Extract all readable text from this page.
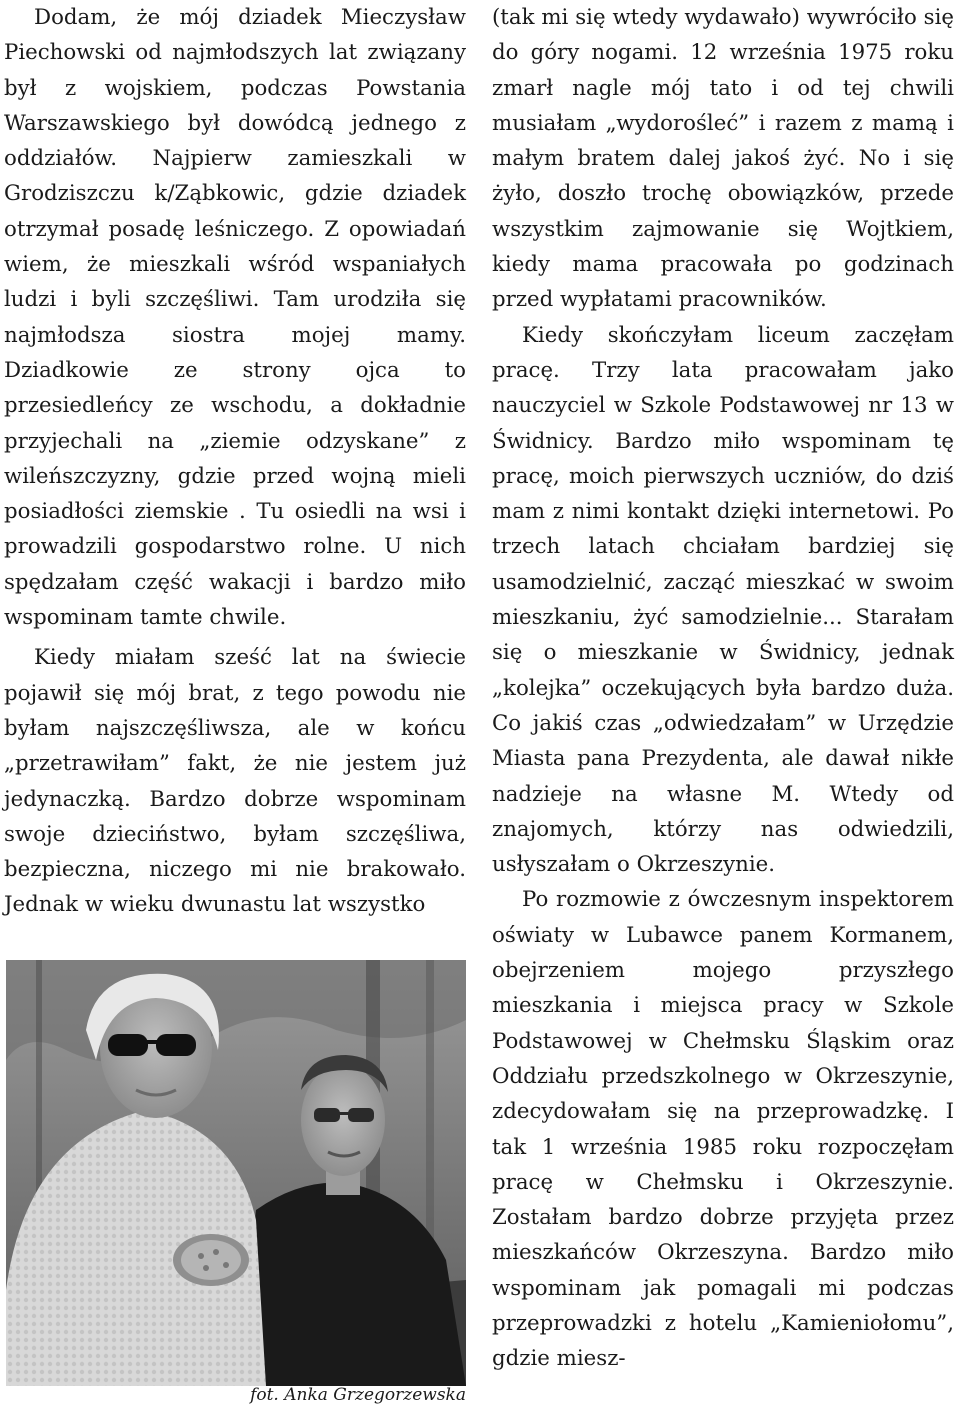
Dodam, że mój dziadek Mieczysław Piechowski od najmłodszych lat związany był z wojskiem, podczas Powstania Warszawskiego był dowódcą jednego z oddziałów. Najpierw zamieszkali w Grodziszczu k/Ząbkowic, gdzie dziadek otrzymał posadę leśniczego. Z opowiadań wiem, że mieszkali wśród wspaniałych ludzi i byli szczęśliwi. Tam urodziła się najmłodsza siostra mojej mamy. Dziadkowie ze strony ojca to przesiedleńcy ze wschodu, a dokładnie przyjechali na „ziemie odzyskane” z wileńszczyzny, gdzie przed wojną mieli posiadłości ziemskie . Tu osiedli na wsi i prowadzili gospodarstwo rolne. U nich spędzałam część wakacji i bardzo miło wspominam tamte chwile.

Kiedy miałam sześć lat na świecie pojawił się mój brat, z tego powodu nie byłam najszczęśliwsza, ale w końcu „przetrawiłam” fakt, że nie jestem już jedynaczką. Bardzo dobrze wspominam swoje dzieciństwo, byłam szczęśliwa, bezpieczna, niczego mi nie brakowało. Jednak w wieku dwunastu lat wszystko

fot. Anka Grzegorzewska

(tak mi się wtedy wydawało) wywróciło się do góry nogami. 12 września 1975 roku zmarł nagle mój tato i od tej chwili musiałam „wydorośleć” i razem z mamą i małym bratem dalej jakoś żyć. No i się żyło, doszło trochę obowiązków, przede wszystkim zajmowanie się Wojtkiem, kiedy mama pracowała po godzinach przed wypłatami pracowników.

Kiedy skończyłam liceum zaczęłam pracę. Trzy lata pracowałam jako nauczyciel w Szkole Podstawowej nr 13 w Świdnicy. Bardzo miło wspominam tę pracę, moich pierwszych uczniów, do dziś mam z nimi kontakt dzięki internetowi. Po trzech latach chciałam bardziej się usamodzielnić, zacząć mieszkać w swoim mieszkaniu, żyć samodzielnie... Starałam się o mieszkanie w Świdnicy, jednak „kolejka” oczekujących była bardzo duża. Co jakiś czas „odwiedzałam” w Urzędzie Miasta pana Prezydenta, ale dawał nikłe nadzieje na własne M. Wtedy od znajomych, którzy nas odwiedzili, usłyszałam o Okrzeszynie.

Po rozmowie z ówczesnym inspektorem oświaty w Lubawce panem Kormanem, obejrzeniem mojego przyszłego mieszkania i miejsca pracy w Szkole Podstawowej w Chełmsku Śląskim oraz Oddziału przedszkolnego w Okrzeszynie, zdecydowałam się na przeprowadzkę. I tak 1 września 1985 roku rozpoczęłam pracę w Chełmsku i Okrzeszynie. Zostałam bardzo dobrze przyjęta przez mieszkańców Okrzeszyna. Bardzo miło wspominam jak pomagali mi podczas przeprowadzki z hotelu „Kamieniołomu”, gdzie miesz-
